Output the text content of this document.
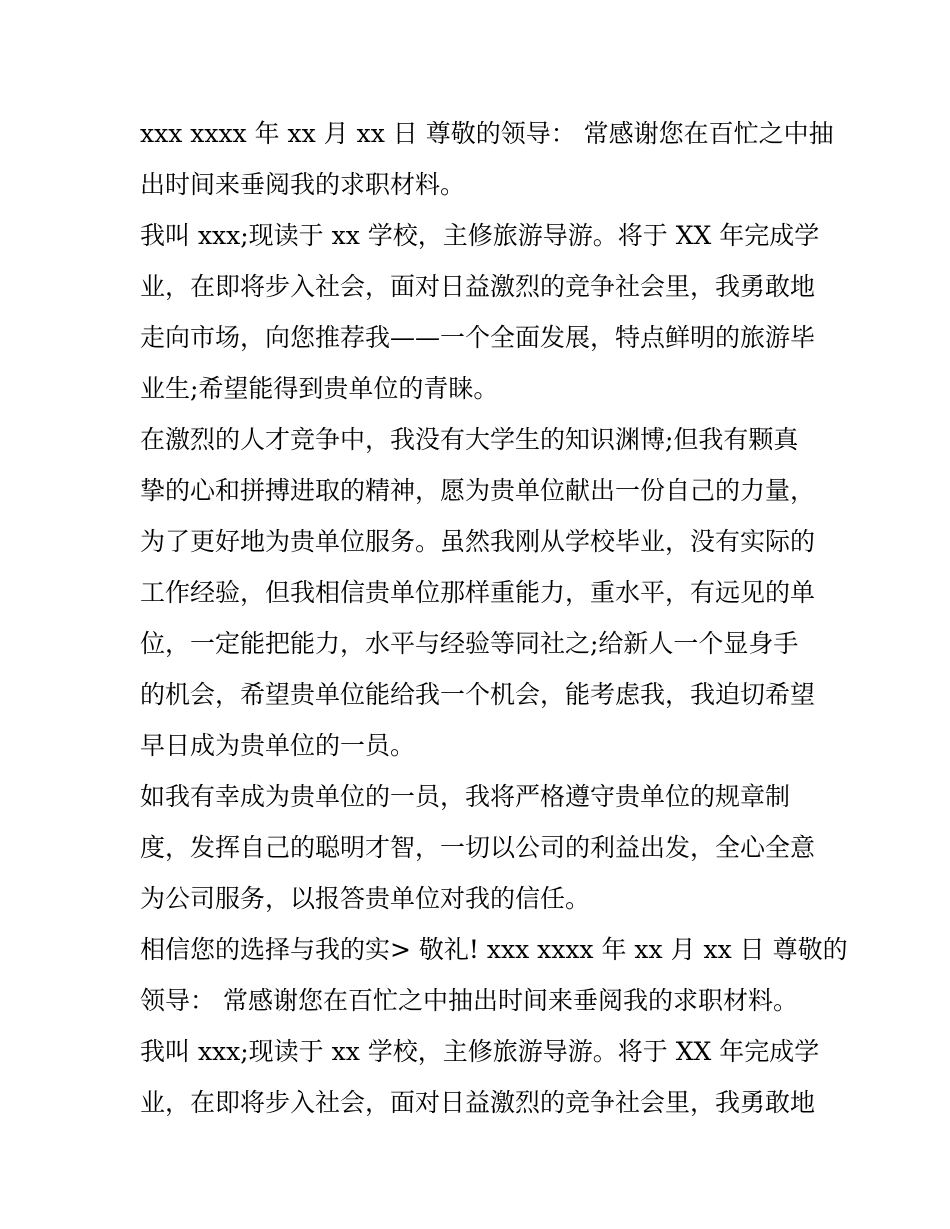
xxx xxxx 年 xx 月 xx 日 尊敬的领导： 常感谢您在百忙之中抽
出时间来垂阅我的求职材料。
我叫 xxx;现读于 xx 学校，主修旅游导游。将于 XX 年完成学
业，在即将步入社会，面对日益激烈的竞争社会里，我勇敢地
走向市场，向您推荐我——一个全面发展，特点鲜明的旅游毕
业生;希望能得到贵单位的青睐。
在激烈的人才竞争中，我没有大学生的知识渊博;但我有颗真
挚的心和拼搏进取的精神，愿为贵单位献出一份自己的力量，
为了更好地为贵单位服务。虽然我刚从学校毕业，没有实际的
工作经验，但我相信贵单位那样重能力，重水平，有远见的单
位，一定能把能力，水平与经验等同社之;给新人一个显身手
的机会，希望贵单位能给我一个机会，能考虑我，我迫切希望
早日成为贵单位的一员。
如我有幸成为贵单位的一员，我将严格遵守贵单位的规章制
度，发挥自己的聪明才智，一切以公司的利益出发，全心全意
为公司服务，以报答贵单位对我的信任。
相信您的选择与我的实> 敬礼! xxx xxxx 年 xx 月 xx 日 尊敬的
领导： 常感谢您在百忙之中抽出时间来垂阅我的求职材料。
我叫 xxx;现读于 xx 学校，主修旅游导游。将于 XX 年完成学
业，在即将步入社会，面对日益激烈的竞争社会里，我勇敢地
